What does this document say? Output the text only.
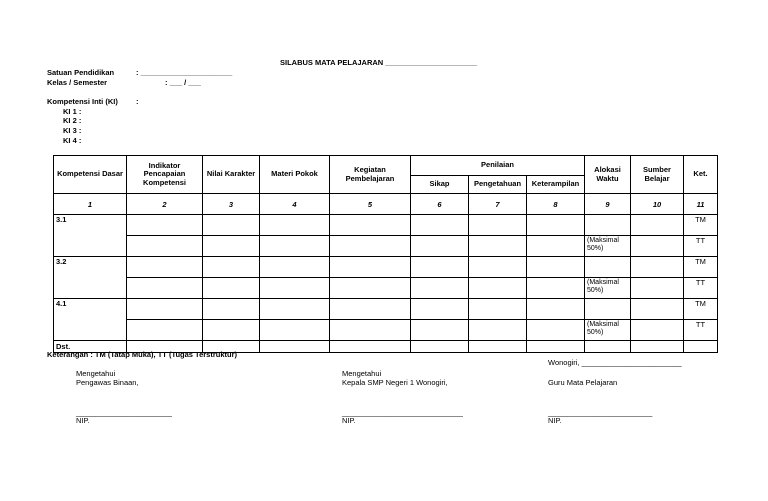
SILABUS MATA PELAJARAN ______________________
Satuan Pendidikan	: ______________________
Kelas / Semester	: ___ / ___
Kompetensi Inti (KI) :
KI 1 :
KI 2 :
KI 3 :
KI 4 :
Kompetensi Dasar	Indikator Pencapaian Kompetensi	Nilai Karakter	Materi Pokok	Kegiatan Pembelajaran	Penilaian			Alokasi Waktu	Sumber Belajar	Ket.
					Sikap	Pengetahuan	Keterampilan			
1	2	3	4	5	6	7	8	9	10	11
3.1										TM
								(Maksimal 50%)		TT
3.2										TM
								(Maksimal 50%)		TT
4.1										TM
								(Maksimal 50%)		TT
Dst.										
Keterangan : TM (Tatap Muka), TT (Tugas Terstruktur)
Wonogiri, ________________________
Mengetahui
Pengawas Binaan,
Mengetahui
Kepala SMP Negeri 1 Wonogiri,	Guru Mata Pelajaran
_______________________
NIP.
_____________________________
NIP.
_________________________
NIP.
